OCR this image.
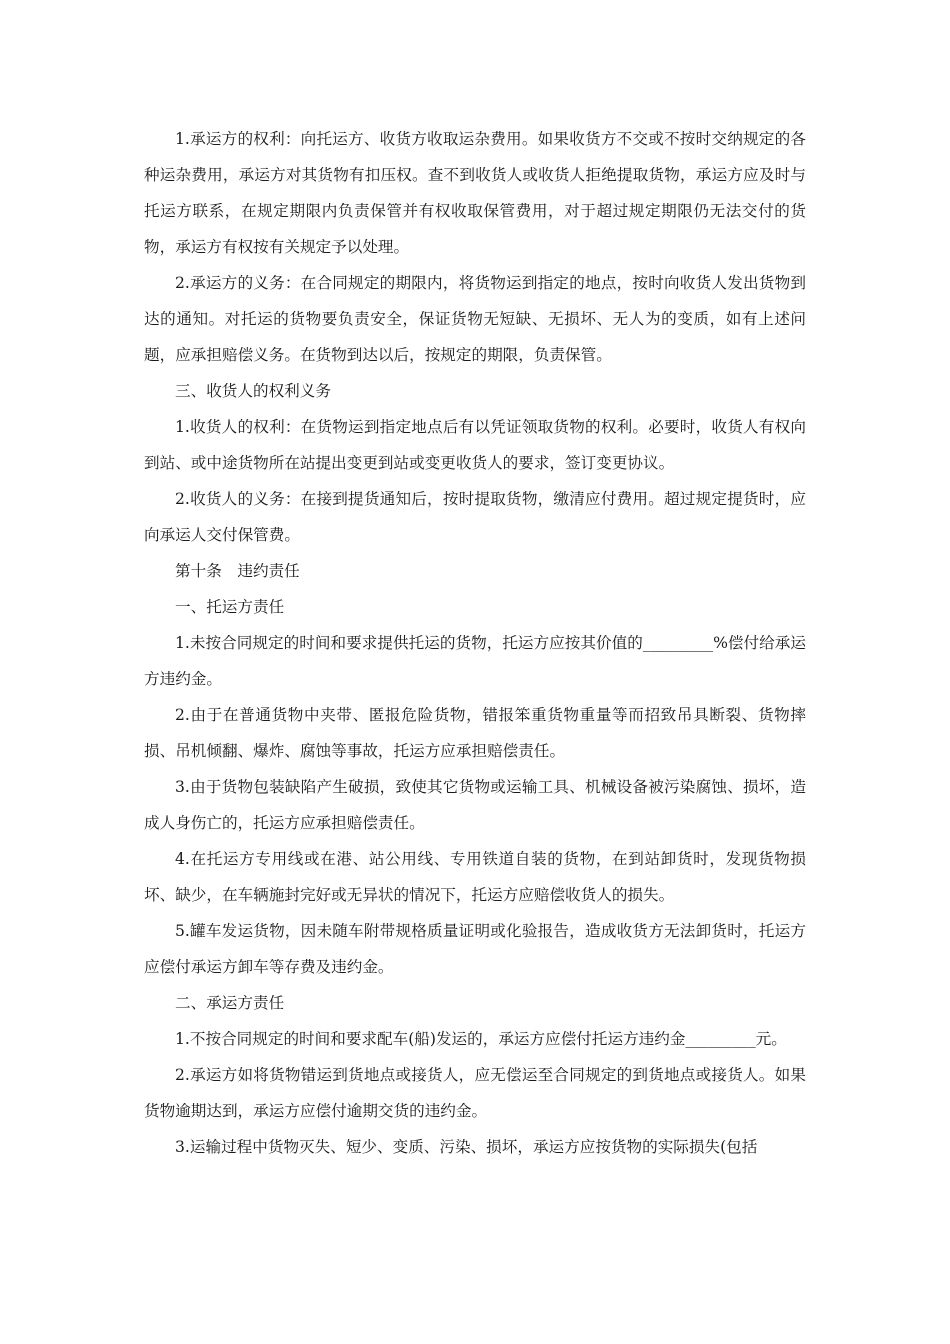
1.承运方的权利：向托运方、收货方收取运杂费用。如果收货方不交或不按时交纳规定的各种运杂费用，承运方对其货物有扣压权。查不到收货人或收货人拒绝提取货物，承运方应及时与托运方联系，在规定期限内负责保管并有权收取保管费用，对于超过规定期限仍无法交付的货物，承运方有权按有关规定予以处理。

2.承运方的义务：在合同规定的期限内，将货物运到指定的地点，按时向收货人发出货物到达的通知。对托运的货物要负责安全，保证货物无短缺、无损坏、无人为的变质，如有上述问题，应承担赔偿义务。在货物到达以后，按规定的期限，负责保管。

三、收货人的权利义务

1.收货人的权利：在货物运到指定地点后有以凭证领取货物的权利。必要时，收货人有权向到站、或中途货物所在站提出变更到站或变更收货人的要求，签订变更协议。

2.收货人的义务：在接到提货通知后，按时提取货物，缴清应付费用。超过规定提货时，应向承运人交付保管费。

第十条　违约责任

一、托运方责任

1.未按合同规定的时间和要求提供托运的货物，托运方应按其价值的_________%偿付给承运方违约金。

2.由于在普通货物中夹带、匿报危险货物，错报笨重货物重量等而招致吊具断裂、货物摔损、吊机倾翻、爆炸、腐蚀等事故，托运方应承担赔偿责任。

3.由于货物包装缺陷产生破损，致使其它货物或运输工具、机械设备被污染腐蚀、损坏，造成人身伤亡的，托运方应承担赔偿责任。

4.在托运方专用线或在港、站公用线、专用铁道自装的货物，在到站卸货时，发现货物损坏、缺少，在车辆施封完好或无异状的情况下，托运方应赔偿收货人的损失。

5.罐车发运货物，因未随车附带规格质量证明或化验报告，造成收货方无法卸货时，托运方应偿付承运方卸车等存费及违约金。

二、承运方责任

1.不按合同规定的时间和要求配车(船)发运的，承运方应偿付托运方违约金_________元。

2.承运方如将货物错运到货地点或接货人，应无偿运至合同规定的到货地点或接货人。如果货物逾期达到，承运方应偿付逾期交货的违约金。

3.运输过程中货物灭失、短少、变质、污染、损坏，承运方应按货物的实际损失(包括
